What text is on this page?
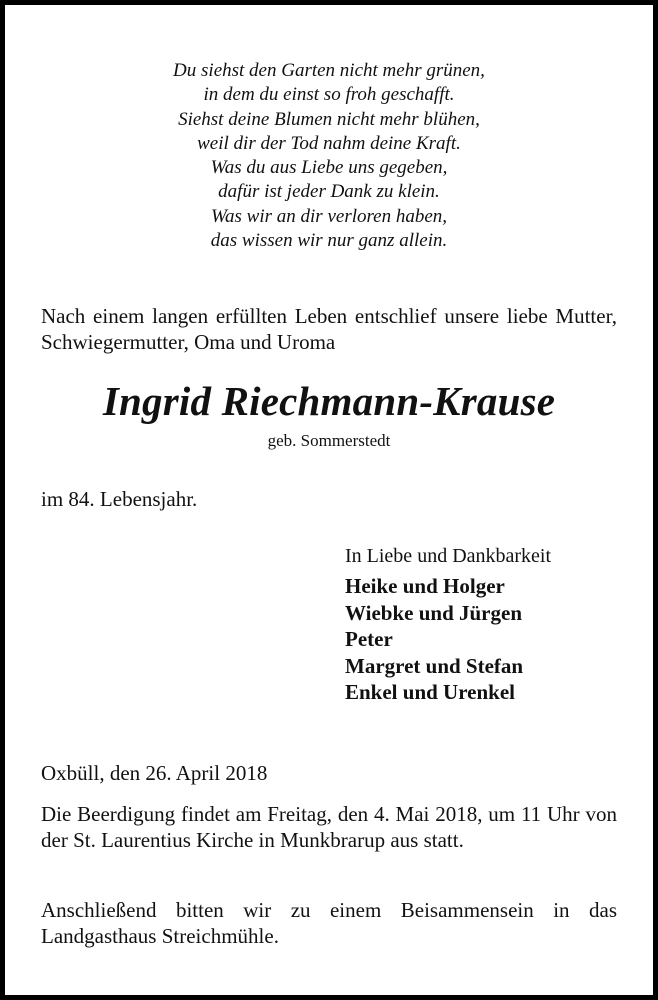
Du siehst den Garten nicht mehr grünen,
in dem du einst so froh geschafft.
Siehst deine Blumen nicht mehr blühen,
weil dir der Tod nahm deine Kraft.
Was du aus Liebe uns gegeben,
dafür ist jeder Dank zu klein.
Was wir an dir verloren haben,
das wissen wir nur ganz allein.
Nach einem langen erfüllten Leben entschlief unsere liebe Mutter, Schwiegermutter, Oma und Uroma
Ingrid Riechmann-Krause
geb. Sommerstedt
im 84. Lebensjahr.
In Liebe und Dankbarkeit
Heike und Holger
Wiebke und Jürgen
Peter
Margret und Stefan
Enkel und Urenkel
Oxbüll, den 26. April 2018
Die Beerdigung findet am Freitag, den 4. Mai 2018, um 11 Uhr von der St. Laurentius Kirche in Munkbrarup aus statt.
Anschließend bitten wir zu einem Beisammensein in das Landgasthaus Streichmühle.
